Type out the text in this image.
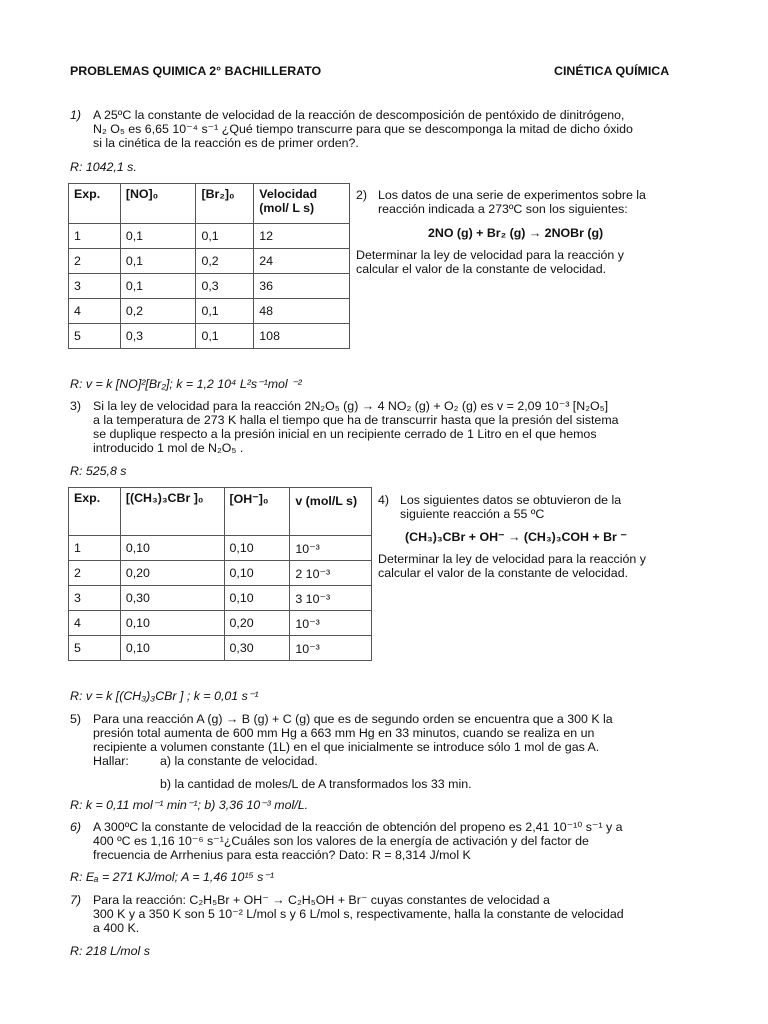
PROBLEMAS QUIMICA 2° BACHILLERATO	CINÉTICA QUÍMICA
1) A 25ºC la constante de velocidad de la reacción de descomposición de pentóxido de dinitrógeno,
N₂ O₅ es 6,65 10⁻⁴ s⁻¹ ¿Qué tiempo transcurre para que se descomponga la mitad de dicho óxido
si la cinética de la reacción es de primer orden?.
R: 1042,1 s.
Exp.	[NO]₀	[Br₂]₀	Velocidad (mol/ L s)
1	0,1	0,1	12
2	0,1	0,2	24
3	0,1	0,3	36
4	0,2	0,1	48
5	0,3	0,1	108
2) Los datos de una serie de experimentos sobre la
reacción indicada a 273ºC son los siguientes:
2NO (g) + Br₂ (g) → 2NOBr (g)
Determinar la ley de velocidad para la reacción y
calcular el valor de la constante de velocidad.
R: v = k [NO]²[Br₂]; k = 1,2 10⁴ L²s⁻¹mol ⁻²
3) Si la ley de velocidad para la reacción 2N₂O₅ (g) → 4 NO₂ (g) + O₂ (g) es v = 2,09 10⁻³ [N₂O₅]
a la temperatura de 273 K halla el tiempo que ha de transcurrir hasta que la presión del sistema
se duplique respecto a la presión inicial en un recipiente cerrado de 1 Litro en el que hemos
introducido 1 mol de N₂O₅ .
R: 525,8 s
Exp.	[(CH₃)₃CBr ]₀	[OH⁻]₀	v (mol/L s)
1	0,10	0,10	10⁻³
2	0,20	0,10	2 10⁻³
3	0,30	0,10	3 10⁻³
4	0,10	0,20	10⁻³
5	0,10	0,30	10⁻³
4) Los siguientes datos se obtuvieron de la
siguiente reacción a 55 ºC
(CH₃)₃CBr + OH⁻ → (CH₃)₃COH + Br ⁻
Determinar la ley de velocidad para la reacción y
calcular el valor de la constante de velocidad.
R: v = k [(CH₃)₃CBr ] ; k = 0,01 s⁻¹
5) Para una reacción A (g) → B (g) + C (g) que es de segundo orden se encuentra que a 300 K la
presión total aumenta de 600 mm Hg a 663 mm Hg en 33 minutos, cuando se realiza en un
recipiente a volumen constante (1L) en el que inicialmente se introduce sólo 1 mol de gas A.
Hallar:	a) la constante de velocidad.
b) la cantidad de moles/L de A transformados los 33 min.
R: k = 0,11 mol⁻¹ min⁻¹; b) 3,36 10⁻³ mol/L.
6) A 300ºC la constante de velocidad de la reacción de obtención del propeno es 2,41 10⁻¹⁰ s⁻¹ y a
400 ºC es 1,16 10⁻⁶ s⁻¹¿Cuáles son los valores de la energía de activación y del factor de
frecuencia de Arrhenius para esta reacción? Dato: R = 8,314 J/mol K
R: Eₐ = 271 KJ/mol; A = 1,46 10¹⁵ s⁻¹
7) Para la reacción: C₂H₅Br + OH⁻ → C₂H₅OH + Br⁻ cuyas constantes de velocidad a
300 K y a 350 K son 5 10⁻² L/mol s y 6 L/mol s, respectivamente, halla la constante de velocidad
a 400 K.
R: 218 L/mol s
